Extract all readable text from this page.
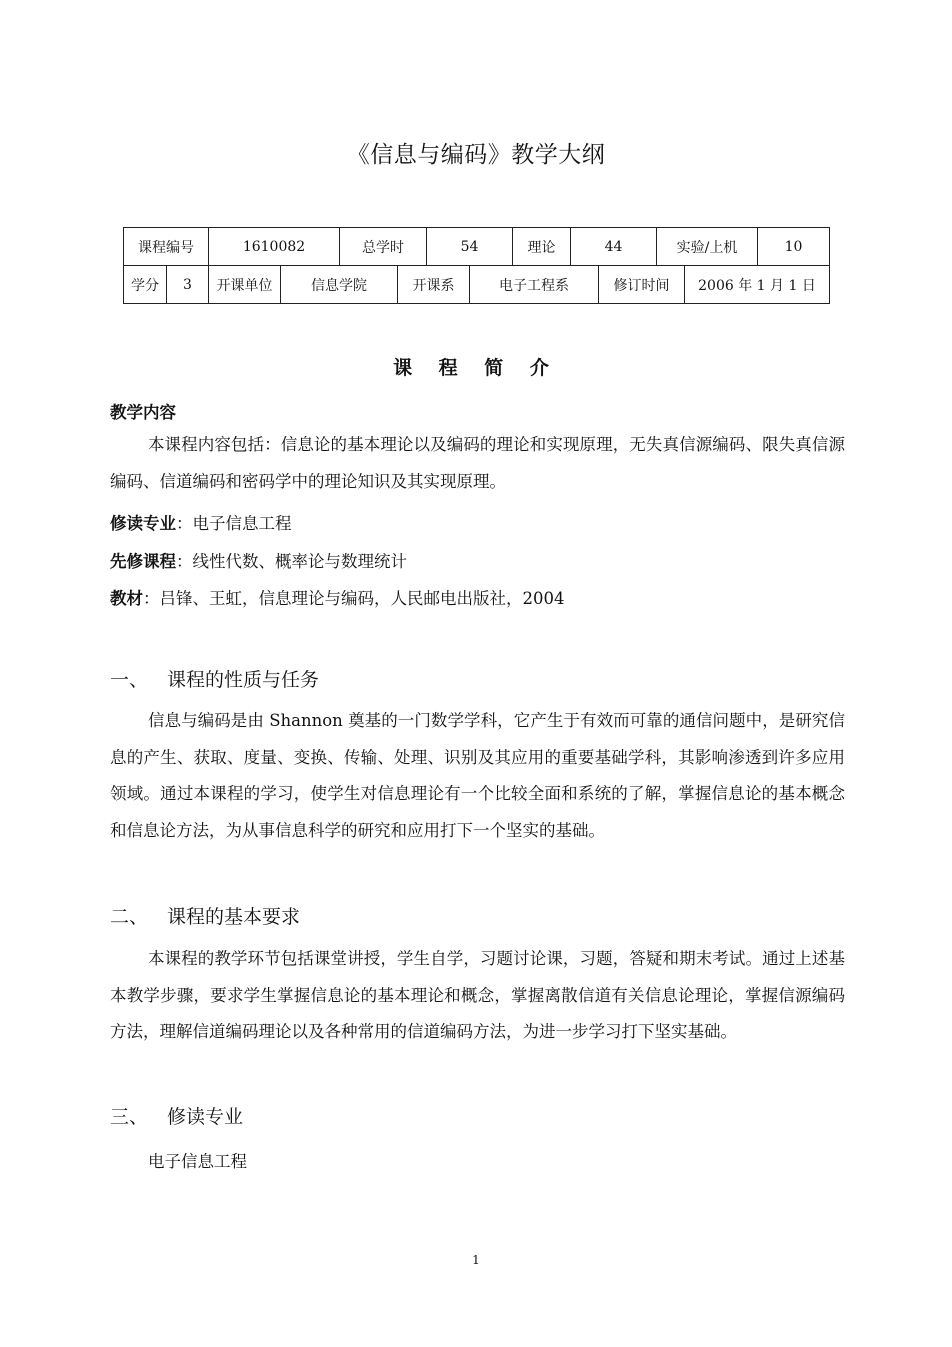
《信息与编码》教学大纲
课程编号	1610082	总学时	54	理论	44	实验/上机	10
学分	3	开课单位	信息学院	开课系	电子工程系	修订时间	2006 年 1 月 1 日
课 程 简 介
教学内容
本课程内容包括：信息论的基本理论以及编码的理论和实现原理，无失真信源编码、限失真信源编码、信道编码和密码学中的理论知识及其实现原理。
修读专业：电子信息工程
先修课程：线性代数、概率论与数理统计
教材：吕锋、王虹，信息理论与编码，人民邮电出版社，2004
一、 课程的性质与任务
信息与编码是由 Shannon 奠基的一门数学学科，它产生于有效而可靠的通信问题中，是研究信息的产生、获取、度量、变换、传输、处理、识别及其应用的重要基础学科，其影响渗透到许多应用领域。通过本课程的学习，使学生对信息理论有一个比较全面和系统的了解，掌握信息论的基本概念和信息论方法，为从事信息科学的研究和应用打下一个坚实的基础。
二、 课程的基本要求
本课程的教学环节包括课堂讲授，学生自学，习题讨论课，习题，答疑和期末考试。通过上述基本教学步骤，要求学生掌握信息论的基本理论和概念，掌握离散信道有关信息论理论，掌握信源编码方法，理解信道编码理论以及各种常用的信道编码方法，为进一步学习打下坚实基础。
三、 修读专业
电子信息工程
1
